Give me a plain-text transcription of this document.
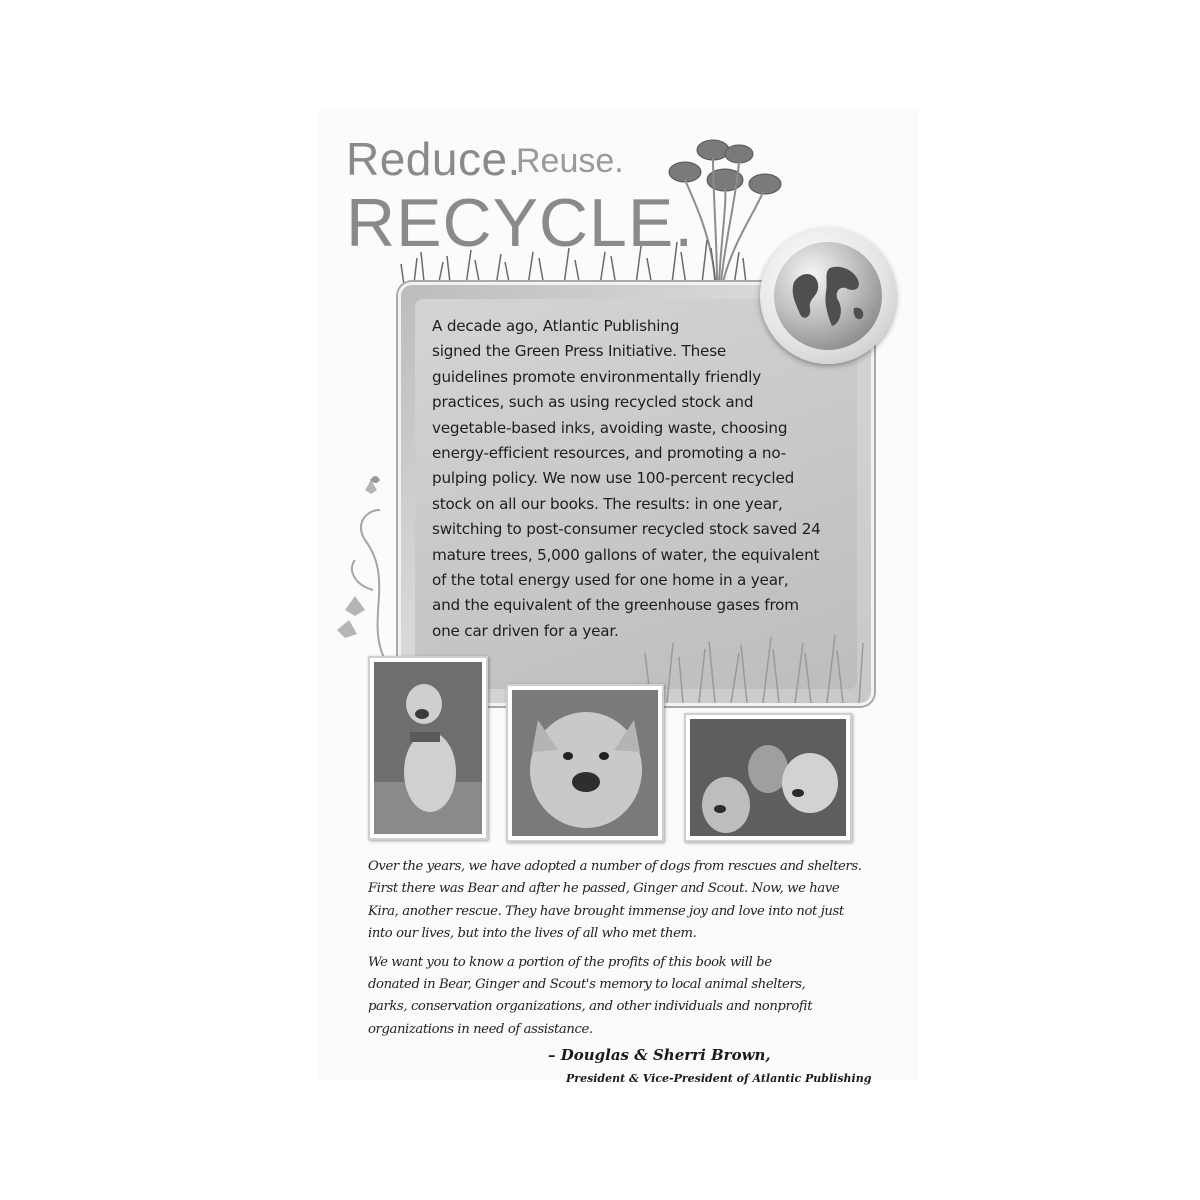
Reduce.
Reuse.
RECYCLE.
A decade ago, Atlantic Publishing
signed the Green Press Initiative. These
guidelines promote environmentally friendly
practices, such as using recycled stock and
vegetable-based inks, avoiding waste, choosing
energy-efficient resources, and promoting a no-
pulping policy. We now use 100-percent recycled
stock on all our books. The results: in one year,
switching to post-consumer recycled stock saved 24
mature trees, 5,000 gallons of water, the equivalent
of the total energy used for one home in a year,
and the equivalent of the greenhouse gases from
one car driven for a year.
Over the years, we have adopted a number of dogs from rescues and shelters.
First there was Bear and after he passed, Ginger and Scout. Now, we have
Kira, another rescue. They have brought immense joy and love into not just
into our lives, but into the lives of all who met them.
We want you to know a portion of the profits of this book will be
donated in Bear, Ginger and Scout's memory to local animal shelters,
parks, conservation organizations, and other individuals and nonprofit
organizations in need of assistance.
– Douglas & Sherri Brown,
President & Vice-President of Atlantic Publishing
